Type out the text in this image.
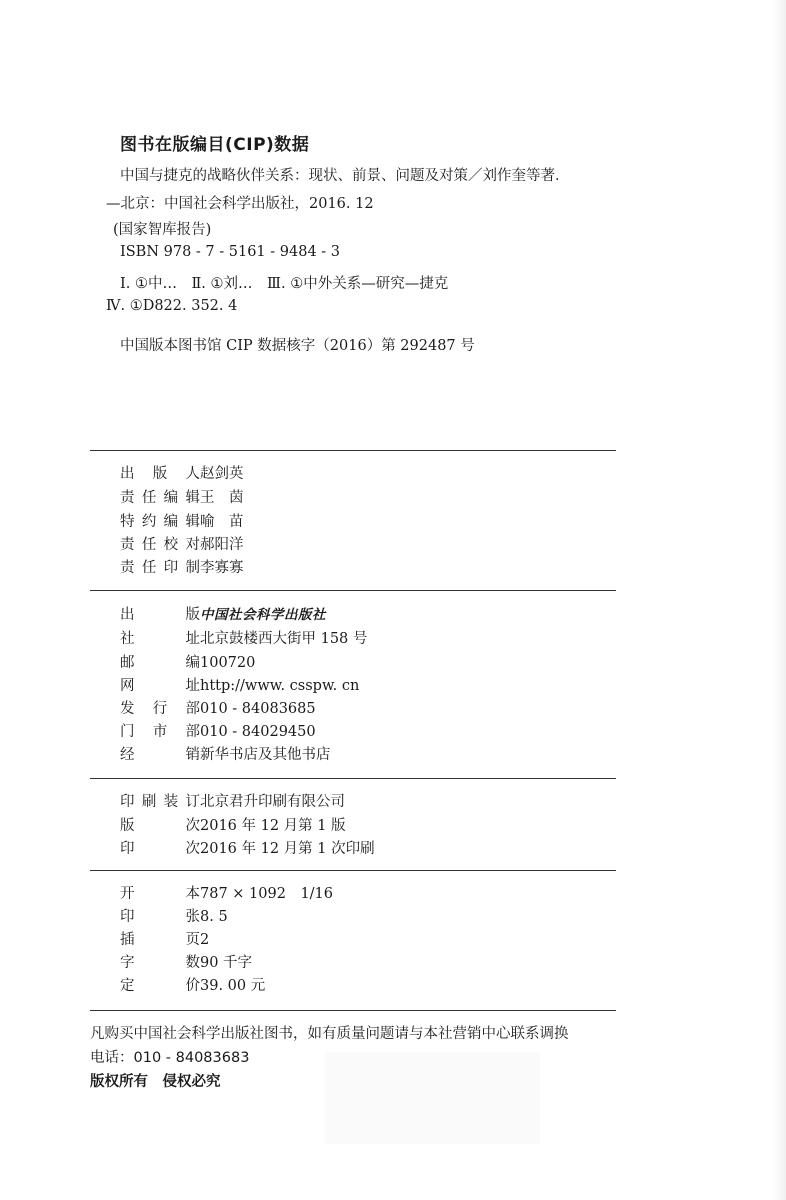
图书在版编目(CIP)数据
中国与捷克的战略伙伴关系：现状、前景、问题及对策／刘作奎等著．
—北京：中国社会科学出版社，2016. 12
(国家智库报告)
ISBN 978 - 7 - 5161 - 9484 - 3
Ⅰ. ①中…　Ⅱ. ①刘…　Ⅲ. ①中外关系—研究—捷克
Ⅳ. ①D822. 352. 4
中国版本图书馆 CIP 数据核字（2016）第 292487 号
出版人 赵剑英
责任编辑 王　茵
特约编辑 喻　苗
责任校对 郝阳洋
责任印制 李寡寡
出版 中国社会科学出版社
社址 北京鼓楼西大街甲 158 号
邮编 100720
网址 http://www. csspw. cn
发行部 010 - 84083685
门市部 010 - 84029450
经销 新华书店及其他书店
印刷装订 北京君升印刷有限公司
版次 2016 年 12 月第 1 版
印次 2016 年 12 月第 1 次印刷
开本 787 × 1092　1/16
印张 8. 5
插页 2
字数 90 千字
定价 39. 00 元
凡购买中国社会科学出版社图书，如有质量问题请与本社营销中心联系调换
电话：010 - 84083683
版权所有　侵权必究
